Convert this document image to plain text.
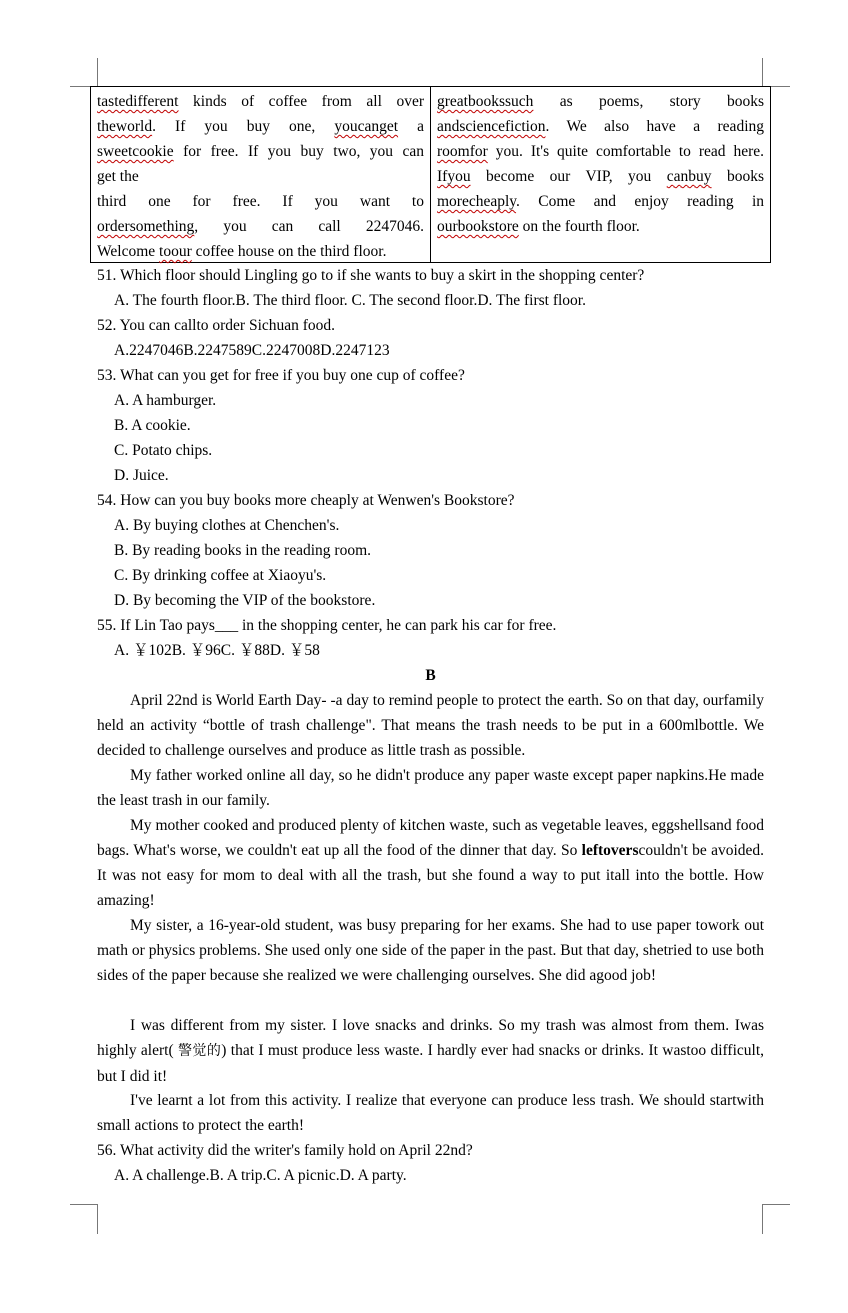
tastedifferent kinds of coffee from all over
theworld. If you buy one, youcanget a
sweetcookie for free. If you buy two, you can
get the
third one for free. If you want to
ordersomething, you can call 2247046.
Welcome toour coffee house on the third floor.
greatbookssuch as poems, story books
andsciencefiction. We also have a reading
roomfor you. It's quite comfortable to read here.
Ifyou become our VIP, you canbuy books
morecheaply. Come and enjoy reading in
ourbookstore on the fourth floor.
51. Which floor should Lingling go to if she wants to buy a skirt in the shopping center?
A. The fourth floor.B. The third floor. C. The second floor.D. The first floor.
52. You can callto order Sichuan food.
A.2247046B.2247589C.2247008D.2247123
53. What can you get for free if you buy one cup of coffee?
A. A hamburger.
B. A cookie.
C. Potato chips.
D. Juice.
54. How can you buy books more cheaply at Wenwen's Bookstore?
A. By buying clothes at Chenchen's.
B. By reading books in the reading room.
C. By drinking coffee at Xiaoyu's.
D. By becoming the VIP of the bookstore.
55. If Lin Tao pays___ in the shopping center, he can park his car for free.
A. ￥102B. ￥96C. ￥88D. ￥58
B
April 22nd is World Earth Day- -a day to remind people to protect the earth. So on that day, ourfamily held an activity “bottle of trash challenge". That means the trash needs to be put in a 600mlbottle. We decided to challenge ourselves and produce as little trash as possible.
My father worked online all day, so he didn't produce any paper waste except paper napkins.He made the least trash in our family.
My mother cooked and produced plenty of kitchen waste, such as vegetable leaves, eggshellsand food bags. What's worse, we couldn't eat up all the food of the dinner that day. So leftoverscouldn't be avoided. It was not easy for mom to deal with all the trash, but she found a way to put itall into the bottle. How amazing!
My sister, a 16-year-old student, was busy preparing for her exams. She had to use paper towork out math or physics problems. She used only one side of the paper in the past. But that day, shetried to use both sides of the paper because she realized we were challenging ourselves. She did agood job!
I was different from my sister. I love snacks and drinks. So my trash was almost from them. Iwas highly alert( 警觉的) that I must produce less waste. I hardly ever had snacks or drinks. It wastoo difficult, but I did it!
I've learnt a lot from this activity. I realize that everyone can produce less trash. We should startwith small actions to protect the earth!
56. What activity did the writer's family hold on April 22nd?
A. A challenge.B. A trip.C. A picnic.D. A party.
